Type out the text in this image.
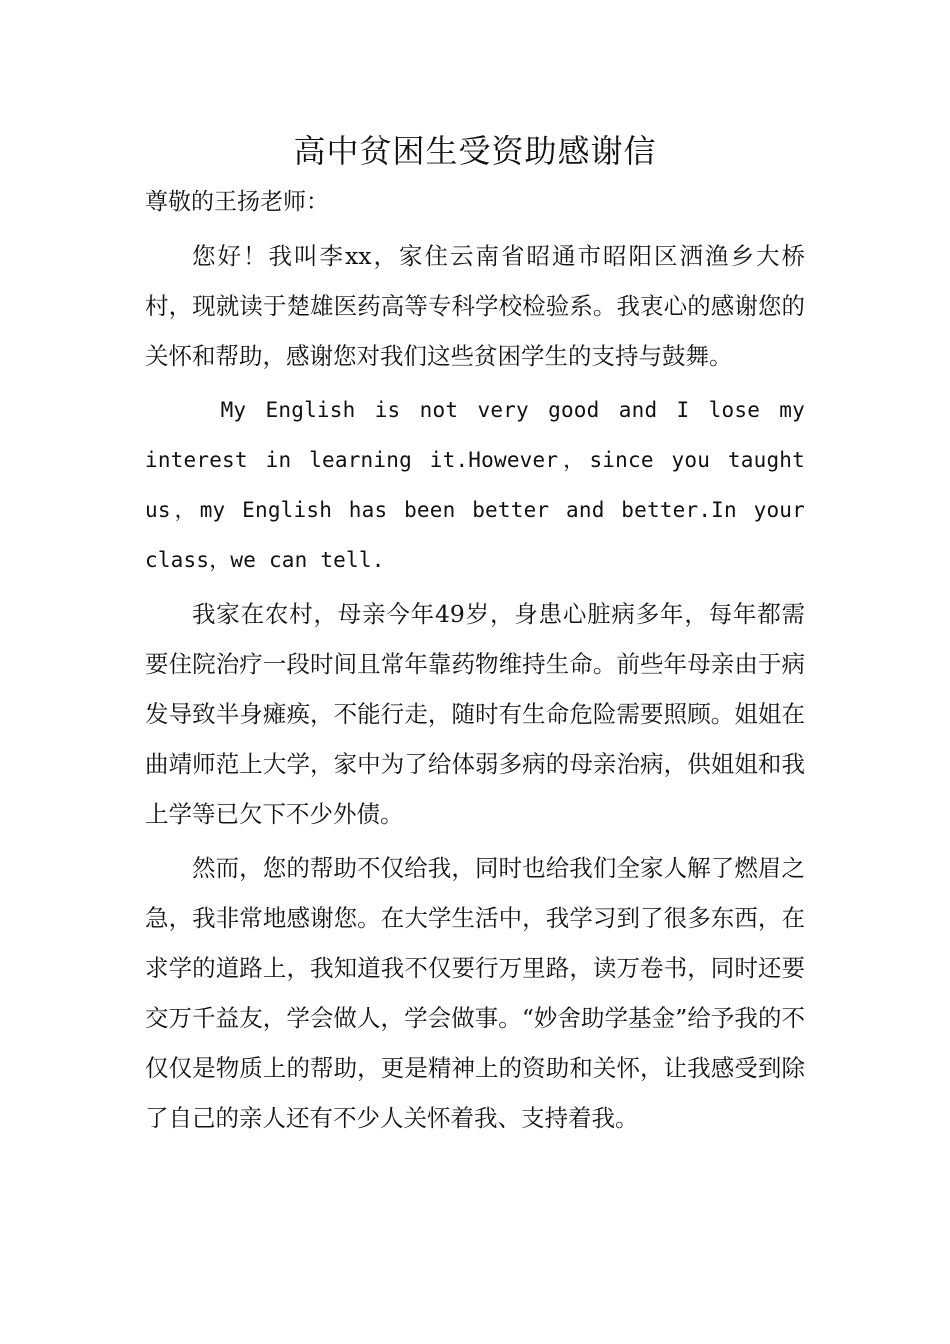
高中贫困生受资助感谢信
尊敬的王扬老师：

您好！我叫李xx，家住云南省昭通市昭阳区洒渔乡大桥村，现就读于楚雄医药高等专科学校检验系。我衷心的感谢您的关怀和帮助，感谢您对我们这些贫困学生的支持与鼓舞。

My English is not very good and I lose my interest in learning it.However，since you taught us，my English has been better and better.In your class，we can tell.

我家在农村，母亲今年49岁，身患心脏病多年，每年都需要住院治疗一段时间且常年靠药物维持生命。前些年母亲由于病发导致半身瘫痪，不能行走，随时有生命危险需要照顾。姐姐在曲靖师范上大学，家中为了给体弱多病的母亲治病，供姐姐和我上学等已欠下不少外债。

然而，您的帮助不仅给我，同时也给我们全家人解了燃眉之急，我非常地感谢您。在大学生活中，我学习到了很多东西，在求学的道路上，我知道我不仅要行万里路，读万卷书，同时还要交万千益友，学会做人，学会做事。“妙舍助学基金”给予我的不仅仅是物质上的帮助，更是精神上的资助和关怀，让我感受到除了自己的亲人还有不少人关怀着我、支持着我。
